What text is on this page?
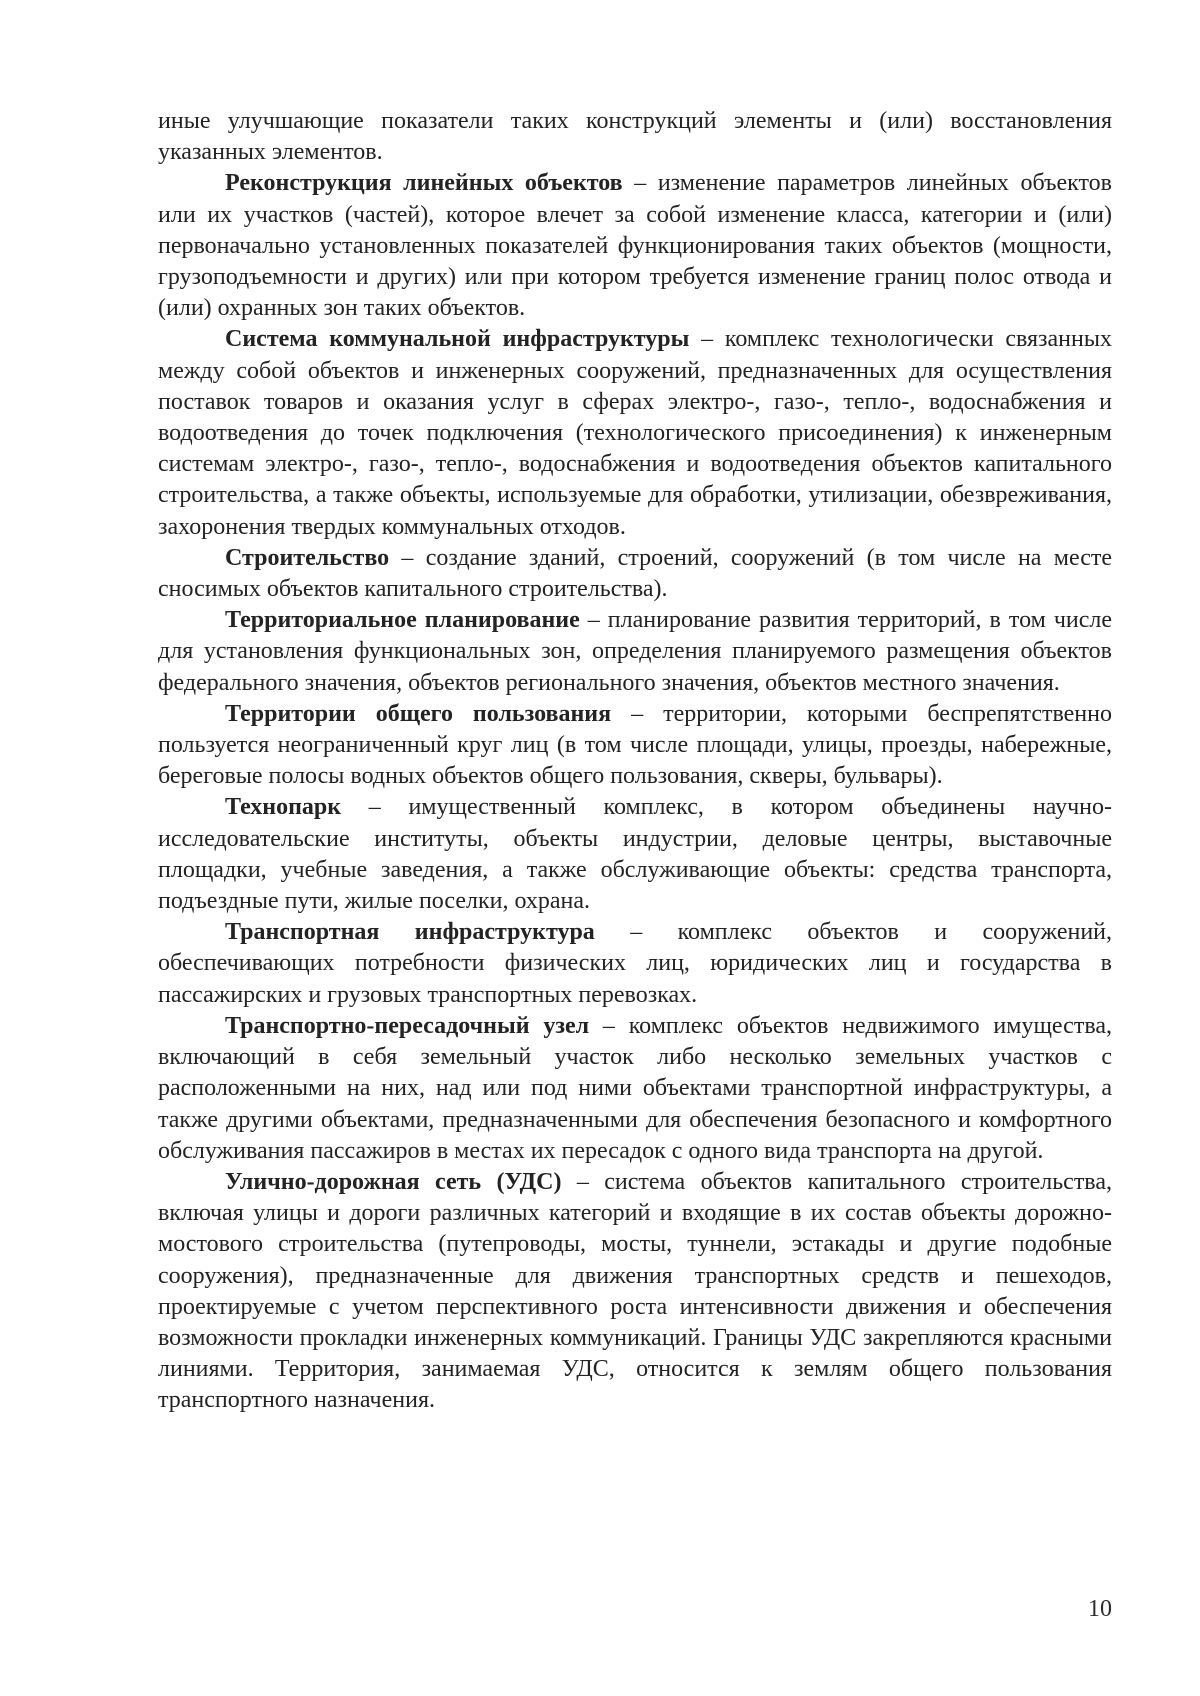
иные улучшающие показатели таких конструкций элементы и (или) восстановления указанных элементов.

Реконструкция линейных объектов – изменение параметров линейных объектов или их участков (частей), которое влечет за собой изменение класса, категории и (или) первоначально установленных показателей функционирования таких объектов (мощности, грузоподъемности и других) или при котором требуется изменение границ полос отвода и (или) охранных зон таких объектов.

Система коммунальной инфраструктуры – комплекс технологически связанных между собой объектов и инженерных сооружений, предназначенных для осуществления поставок товаров и оказания услуг в сферах электро-, газо-, тепло-, водоснабжения и водоотведения до точек подключения (технологического присоединения) к инженерным системам электро-, газо-, тепло-, водоснабжения и водоотведения объектов капитального строительства, а также объекты, используемые для обработки, утилизации, обезвреживания, захоронения твердых коммунальных отходов.

Строительство – создание зданий, строений, сооружений (в том числе на месте сносимых объектов капитального строительства).

Территориальное планирование – планирование развития территорий, в том числе для установления функциональных зон, определения планируемого размещения объектов федерального значения, объектов регионального значения, объектов местного значения.

Территории общего пользования – территории, которыми беспрепятственно пользуется неограниченный круг лиц (в том числе площади, улицы, проезды, набережные, береговые полосы водных объектов общего пользования, скверы, бульвары).

Технопарк – имущественный комплекс, в котором объединены научно-исследовательские институты, объекты индустрии, деловые центры, выставочные площадки, учебные заведения, а также обслуживающие объекты: средства транспорта, подъездные пути, жилые поселки, охрана.

Транспортная инфраструктура – комплекс объектов и сооружений, обеспечивающих потребности физических лиц, юридических лиц и государства в пассажирских и грузовых транспортных перевозках.

Транспортно-пересадочный узел – комплекс объектов недвижимого имущества, включающий в себя земельный участок либо несколько земельных участков с расположенными на них, над или под ними объектами транспортной инфраструктуры, а также другими объектами, предназначенными для обеспечения безопасного и комфортного обслуживания пассажиров в местах их пересадок с одного вида транспорта на другой.

Улично-дорожная сеть (УДС) – система объектов капитального строительства, включая улицы и дороги различных категорий и входящие в их состав объекты дорожно-мостового строительства (путепроводы, мосты, туннели, эстакады и другие подобные сооружения), предназначенные для движения транспортных средств и пешеходов, проектируемые с учетом перспективного роста интенсивности движения и обеспечения возможности прокладки инженерных коммуникаций. Границы УДС закрепляются красными линиями. Территория, занимаемая УДС, относится к землям общего пользования транспортного назначения.

10
